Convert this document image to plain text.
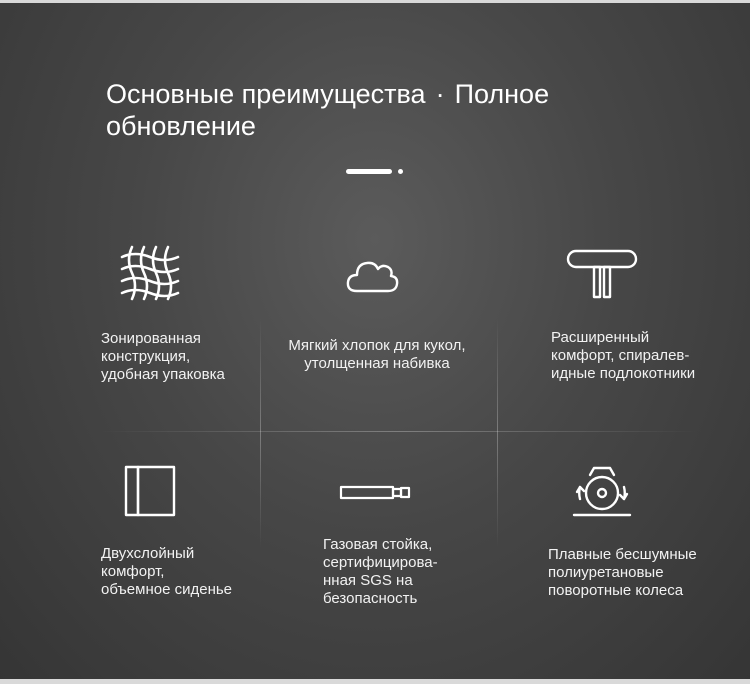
Основные преимущества · Полное
обновление

Зонированная
конструкция,
удобная упаковка

Мягкий хлопок для кукол,
утолщенная набивка

Расширенный
комфорт, спиралев-
идные подлокотники

Двухслойный
комфорт,
объемное сиденье

Газовая стойка,
сертифицирова-
нная SGS на
безопасность

Плавные бесшумные
полиуретановые
поворотные колеса
